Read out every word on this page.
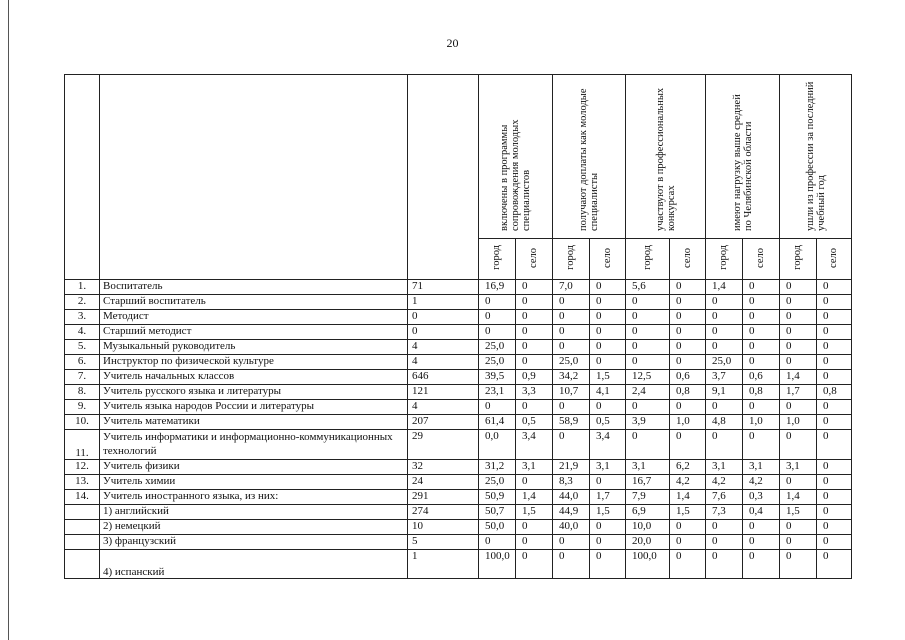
20
			включены в программы сопровождения молодых специалистов		получают доплаты как молодые специалисты		участвуют в профессиональных конкурсах		имеют нагрузку выше средней по Челябинской области		ушли из профессии за последний учебный год	
			город	село	город	село	город	село	город	село	город	село
1.	Воспитатель	71	16,9	0	7,0	0	5,6	0	1,4	0	0	0
2.	Старший воспитатель	1	0	0	0	0	0	0	0	0	0	0
3.	Методист	0	0	0	0	0	0	0	0	0	0	0
4.	Старший методист	0	0	0	0	0	0	0	0	0	0	0
5.	Музыкальный руководитель	4	25,0	0	0	0	0	0	0	0	0	0
6.	Инструктор по физической культуре	4	25,0	0	25,0	0	0	0	25,0	0	0	0
7.	Учитель начальных классов	646	39,5	0,9	34,2	1,5	12,5	0,6	3,7	0,6	1,4	0
8.	Учитель русского языка и литературы	121	23,1	3,3	10,7	4,1	2,4	0,8	9,1	0,8	1,7	0,8
9.	Учитель языка народов России и литературы	4	0	0	0	0	0	0	0	0	0	0
10.	Учитель математики	207	61,4	0,5	58,9	0,5	3,9	1,0	4,8	1,0	1,0	0
11.	Учитель информатики и информационно-коммуникационных технологий	29	0,0	3,4	0	3,4	0	0	0	0	0	0
12.	Учитель физики	32	31,2	3,1	21,9	3,1	3,1	6,2	3,1	3,1	3,1	0
13.	Учитель химии	24	25,0	0	8,3	0	16,7	4,2	4,2	4,2	0	0
14.	Учитель иностранного языка, из них:	291	50,9	1,4	44,0	1,7	7,9	1,4	7,6	0,3	1,4	0
	1) английский	274	50,7	1,5	44,9	1,5	6,9	1,5	7,3	0,4	1,5	0
	2) немецкий	10	50,0	0	40,0	0	10,0	0	0	0	0	0
	3) французский	5	0	0	0	0	20,0	0	0	0	0	0
	4) испанский	1	100,0	0	0	0	100,0	0	0	0	0	0
